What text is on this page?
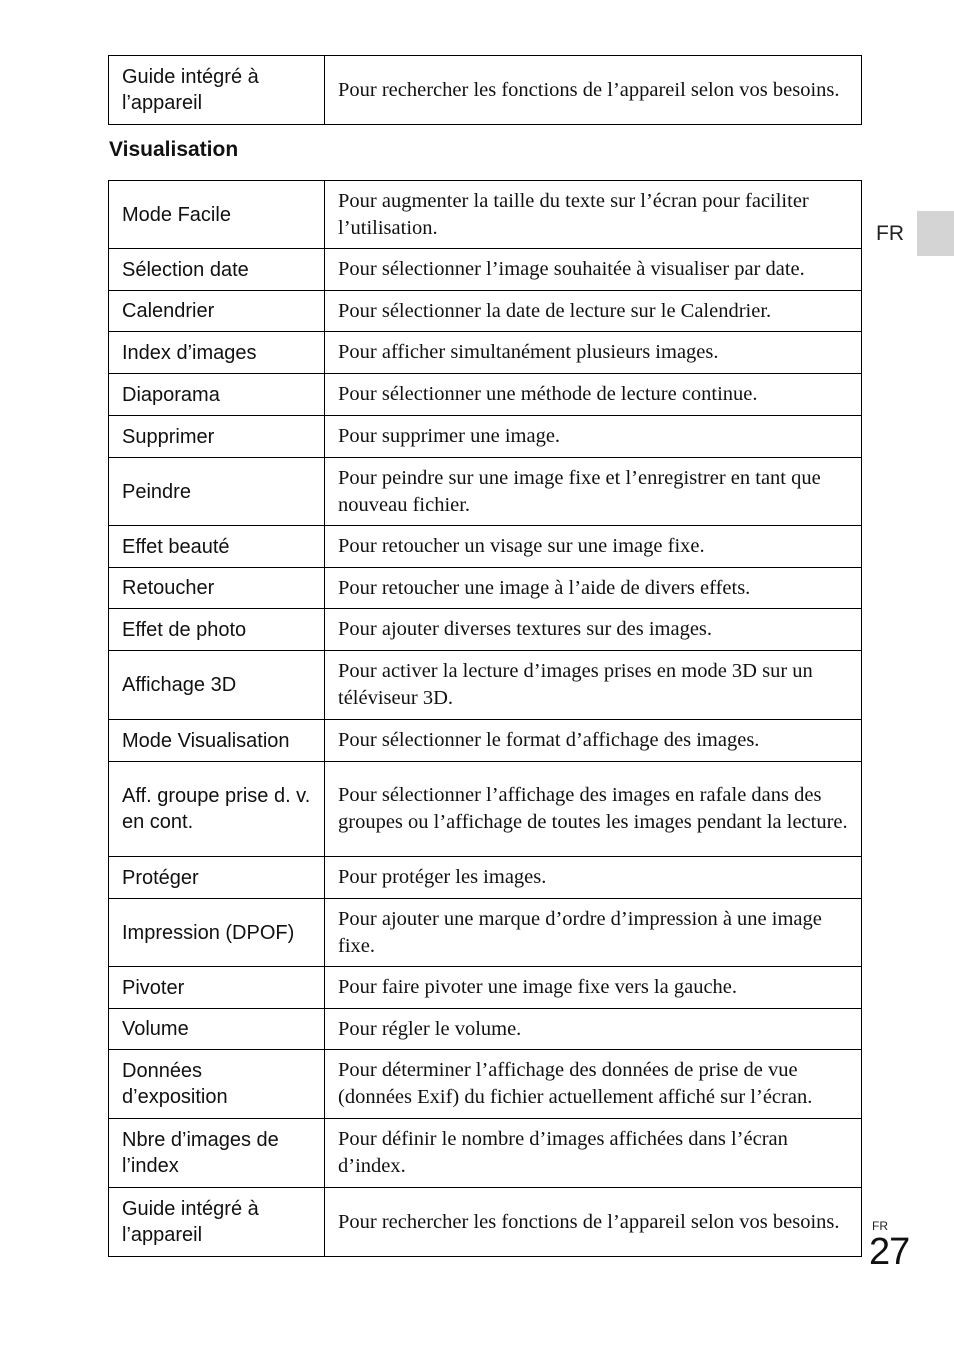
Guide intégré à l’appareil	Pour rechercher les fonctions de l’appareil selon vos besoins.
Visualisation
Mode Facile	Pour augmenter la taille du texte sur l’écran pour faciliter l’utilisation.
Sélection date	Pour sélectionner l’image souhaitée à visualiser par date.
Calendrier	Pour sélectionner la date de lecture sur le Calendrier.
Index d’images	Pour afficher simultanément plusieurs images.
Diaporama	Pour sélectionner une méthode de lecture continue.
Supprimer	Pour supprimer une image.
Peindre	Pour peindre sur une image fixe et l’enregistrer en tant que nouveau fichier.
Effet beauté	Pour retoucher un visage sur une image fixe.
Retoucher	Pour retoucher une image à l’aide de divers effets.
Effet de photo	Pour ajouter diverses textures sur des images.
Affichage 3D	Pour activer la lecture d’images prises en mode 3D sur un téléviseur 3D.
Mode Visualisation	Pour sélectionner le format d’affichage des images.
Aff. groupe prise d. v. en cont.	Pour sélectionner l’affichage des images en rafale dans des groupes ou l’affichage de toutes les images pendant la lecture.
Protéger	Pour protéger les images.
Impression (DPOF)	Pour ajouter une marque d’ordre d’impression à une image fixe.
Pivoter	Pour faire pivoter une image fixe vers la gauche.
Volume	Pour régler le volume.
Données d’exposition	Pour déterminer l’affichage des données de prise de vue (données Exif) du fichier actuellement affiché sur l’écran.
Nbre d’images de l’index	Pour définir le nombre d’images affichées dans l’écran d’index.
Guide intégré à l’appareil	Pour rechercher les fonctions de l’appareil selon vos besoins.
FR
FR
27
